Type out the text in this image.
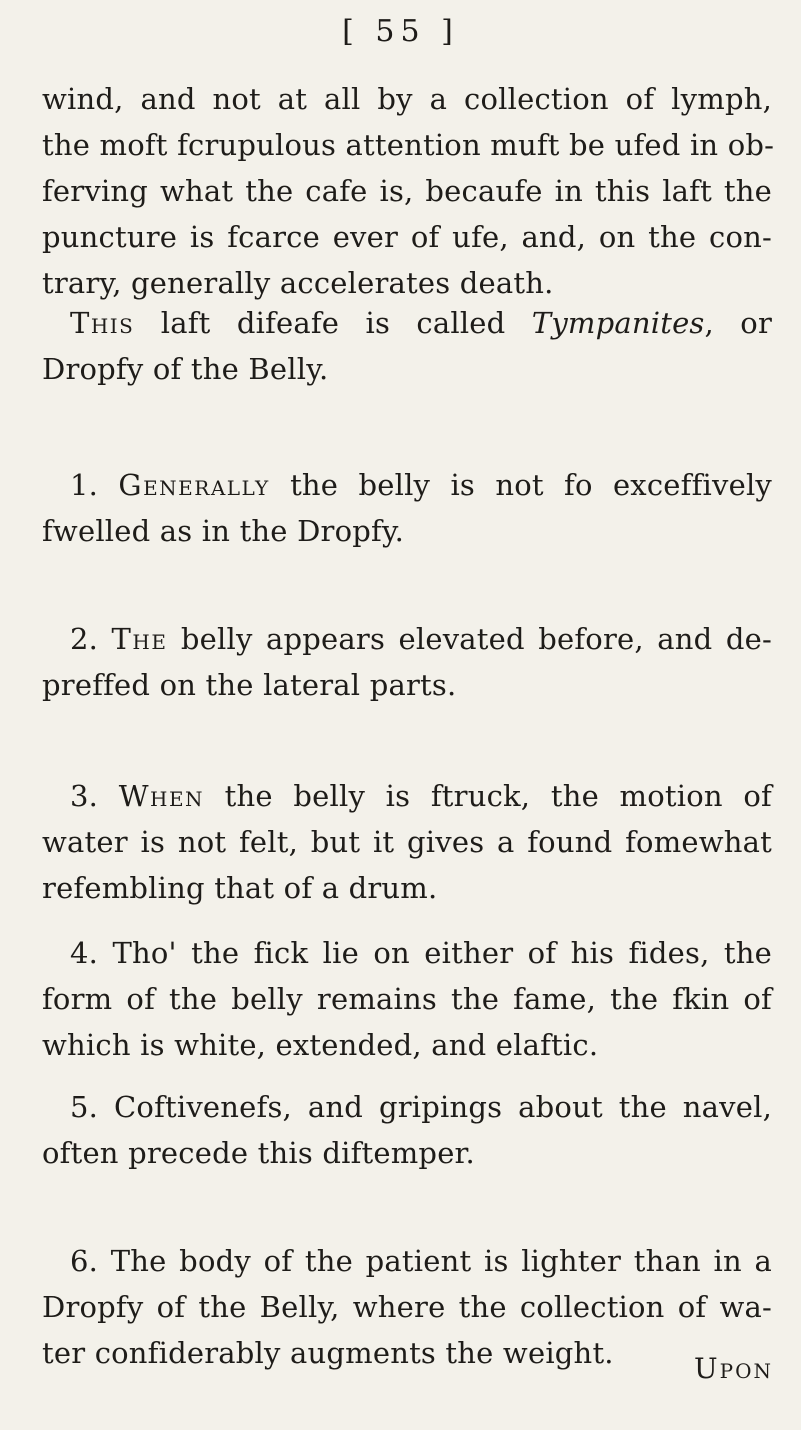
[ 55 ]
wind, and not at all by a collection of lymph,
the moft fcrupulous attention muft be ufed in ob-
ferving what the cafe is, becaufe in this laft the
puncture is fcarce ever of ufe, and, on the con-
trary, generally accelerates death.
This laft difeafe is called Tympanites, or
Dropfy of the Belly.
1. Generally the belly is not fo exceffively
fwelled as in the Dropfy.
2. The belly appears elevated before, and de-
preffed on the lateral parts.
3. When the belly is ftruck, the motion of
water is not felt, but it gives a found fomewhat
refembling that of a drum.
4. Tho' the fick lie on either of his fides, the
form of the belly remains the fame, the fkin of
which is white, extended, and elaftic.
5. Coftivenefs, and gripings about the navel,
often precede this diftemper.
6. The body of the patient is lighter than in a
Dropfy of the Belly, where the collection of wa-
ter confiderably augments the weight.	Upon
